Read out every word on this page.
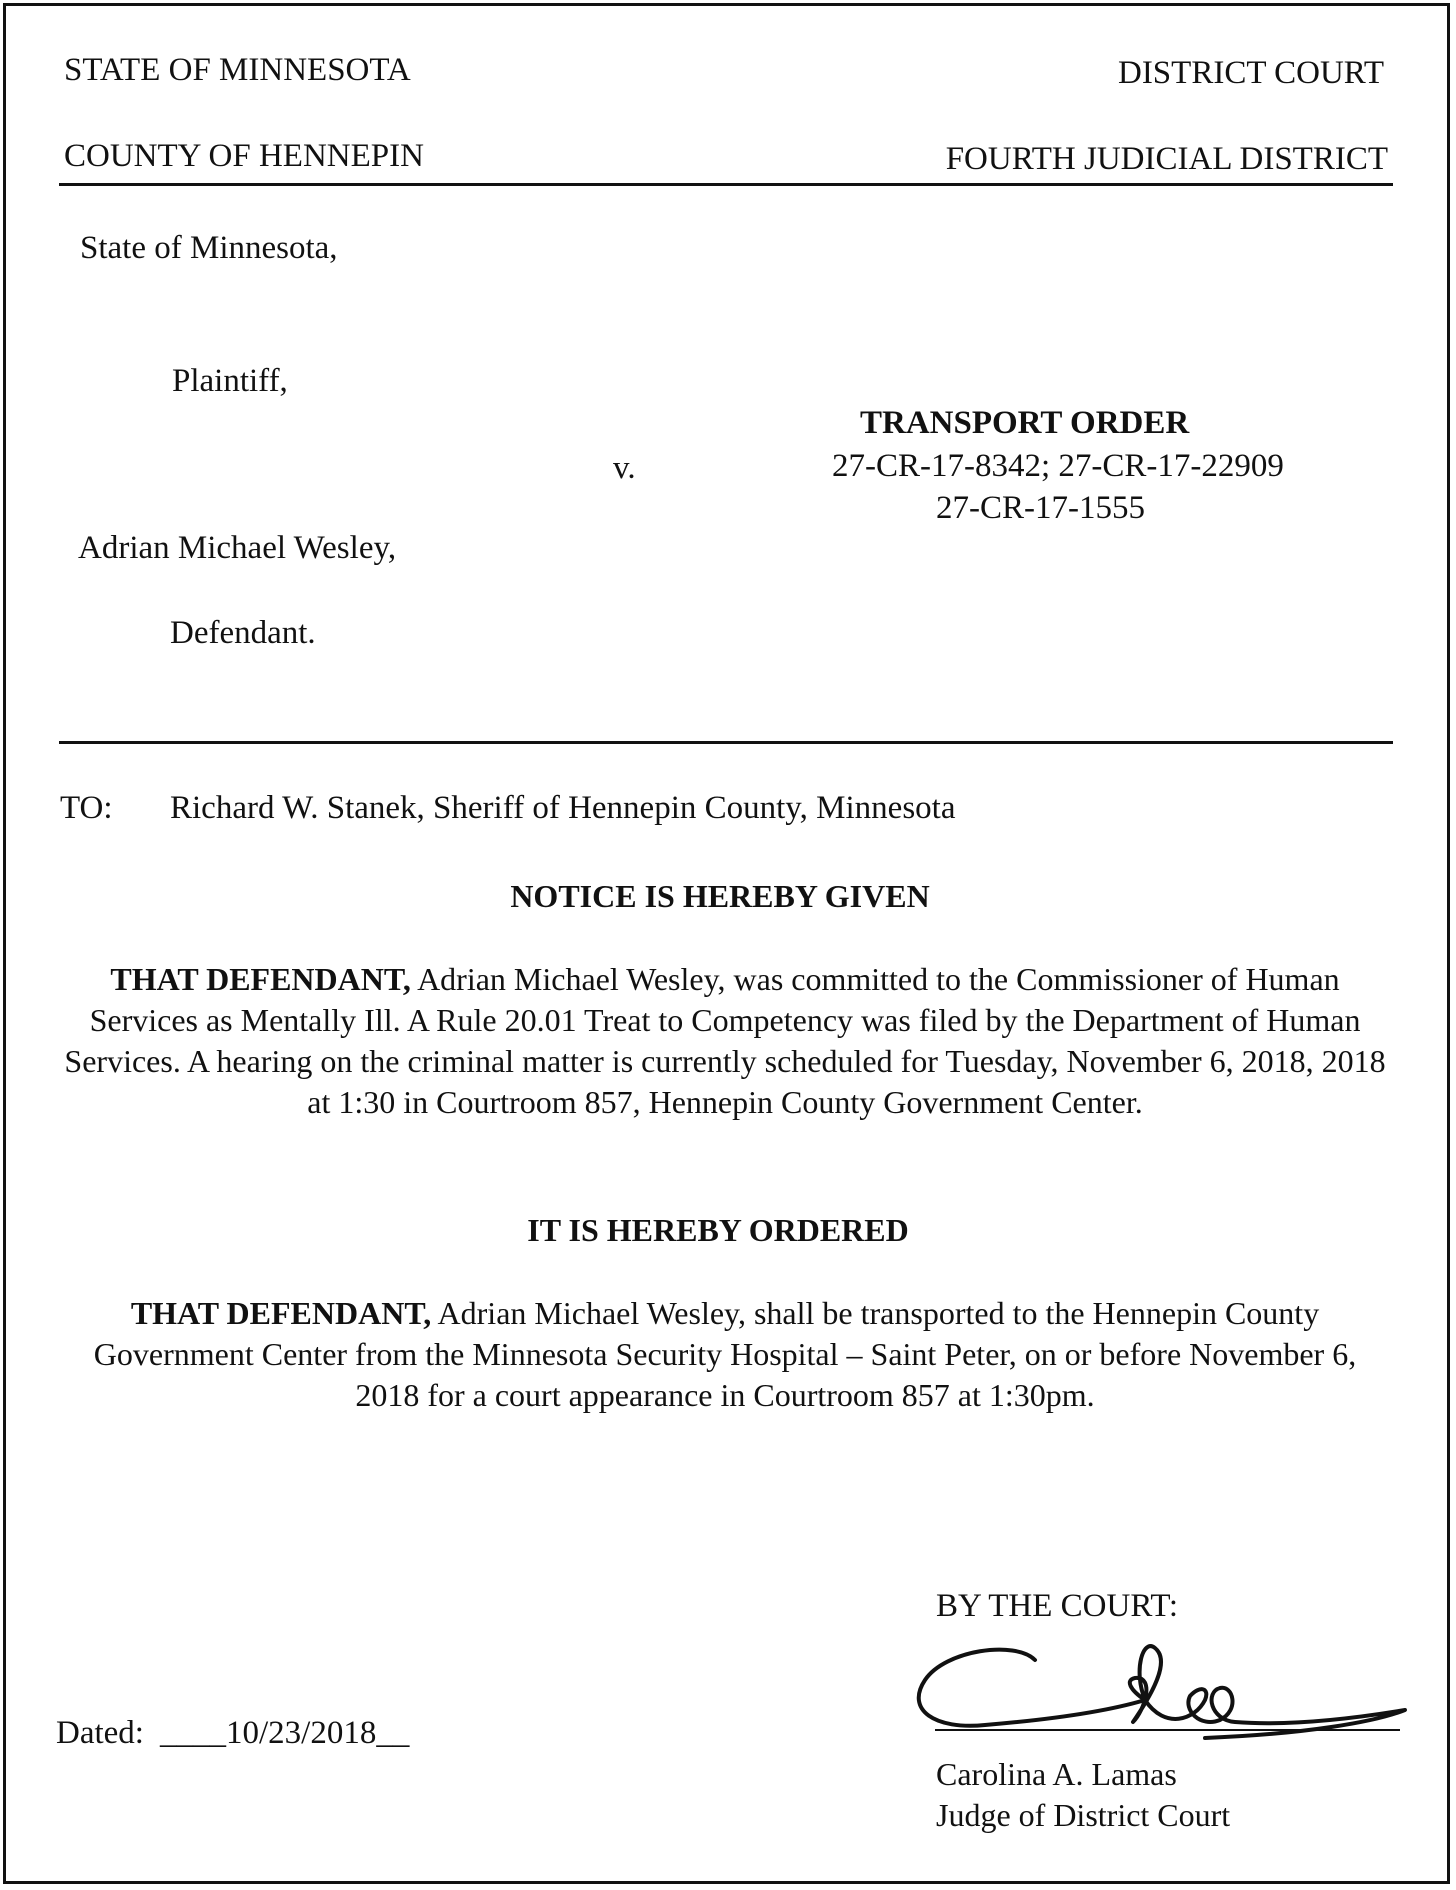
STATE OF MINNESOTA	DISTRICT COURT
COUNTY OF HENNEPIN	FOURTH JUDICIAL DISTRICT
State of Minnesota,
Plaintiff,
v.
Adrian Michael Wesley,
Defendant.
TRANSPORT ORDER
27-CR-17-8342; 27-CR-17-22909
27-CR-17-1555
TO: Richard W. Stanek, Sheriff of Hennepin County, Minnesota
NOTICE IS HEREBY GIVEN
THAT DEFENDANT, Adrian Michael Wesley, was committed to the Commissioner of Human Services as Mentally Ill. A Rule 20.01 Treat to Competency was filed by the Department of Human Services. A hearing on the criminal matter is currently scheduled for Tuesday, November 6, 2018, 2018 at 1:30 in Courtroom 857, Hennepin County Government Center.
IT IS HEREBY ORDERED
THAT DEFENDANT, Adrian Michael Wesley, shall be transported to the Hennepin County Government Center from the Minnesota Security Hospital – Saint Peter, on or before November 6, 2018 for a court appearance in Courtroom 857 at 1:30pm.
BY THE COURT:
Carolina A. Lamas
Judge of District Court
Dated: ____10/23/2018__
